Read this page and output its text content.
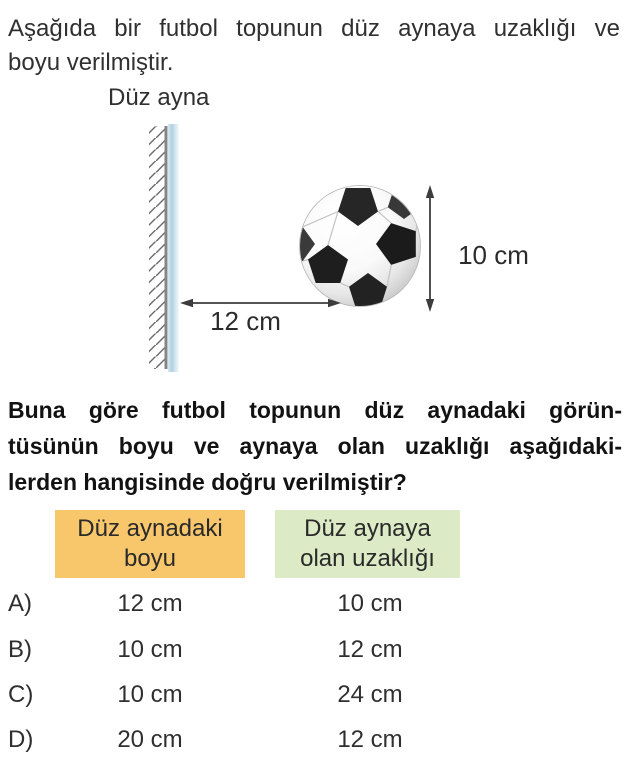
Aşağıda bir futbol topunun düz aynaya uzaklığı ve
boyu verilmiştir.
Düz ayna
12 cm
10 cm
Buna göre futbol topunun düz aynadaki görün-
tüsünün boyu ve aynaya olan uzaklığı aşağıdaki-
lerden hangisinde doğru verilmiştir?
Düz aynadaki
boyu
Düz aynaya
olan uzaklığı
A)	12 cm	10 cm
B)	10 cm	12 cm
C)	10 cm	24 cm
D)	20 cm	12 cm
